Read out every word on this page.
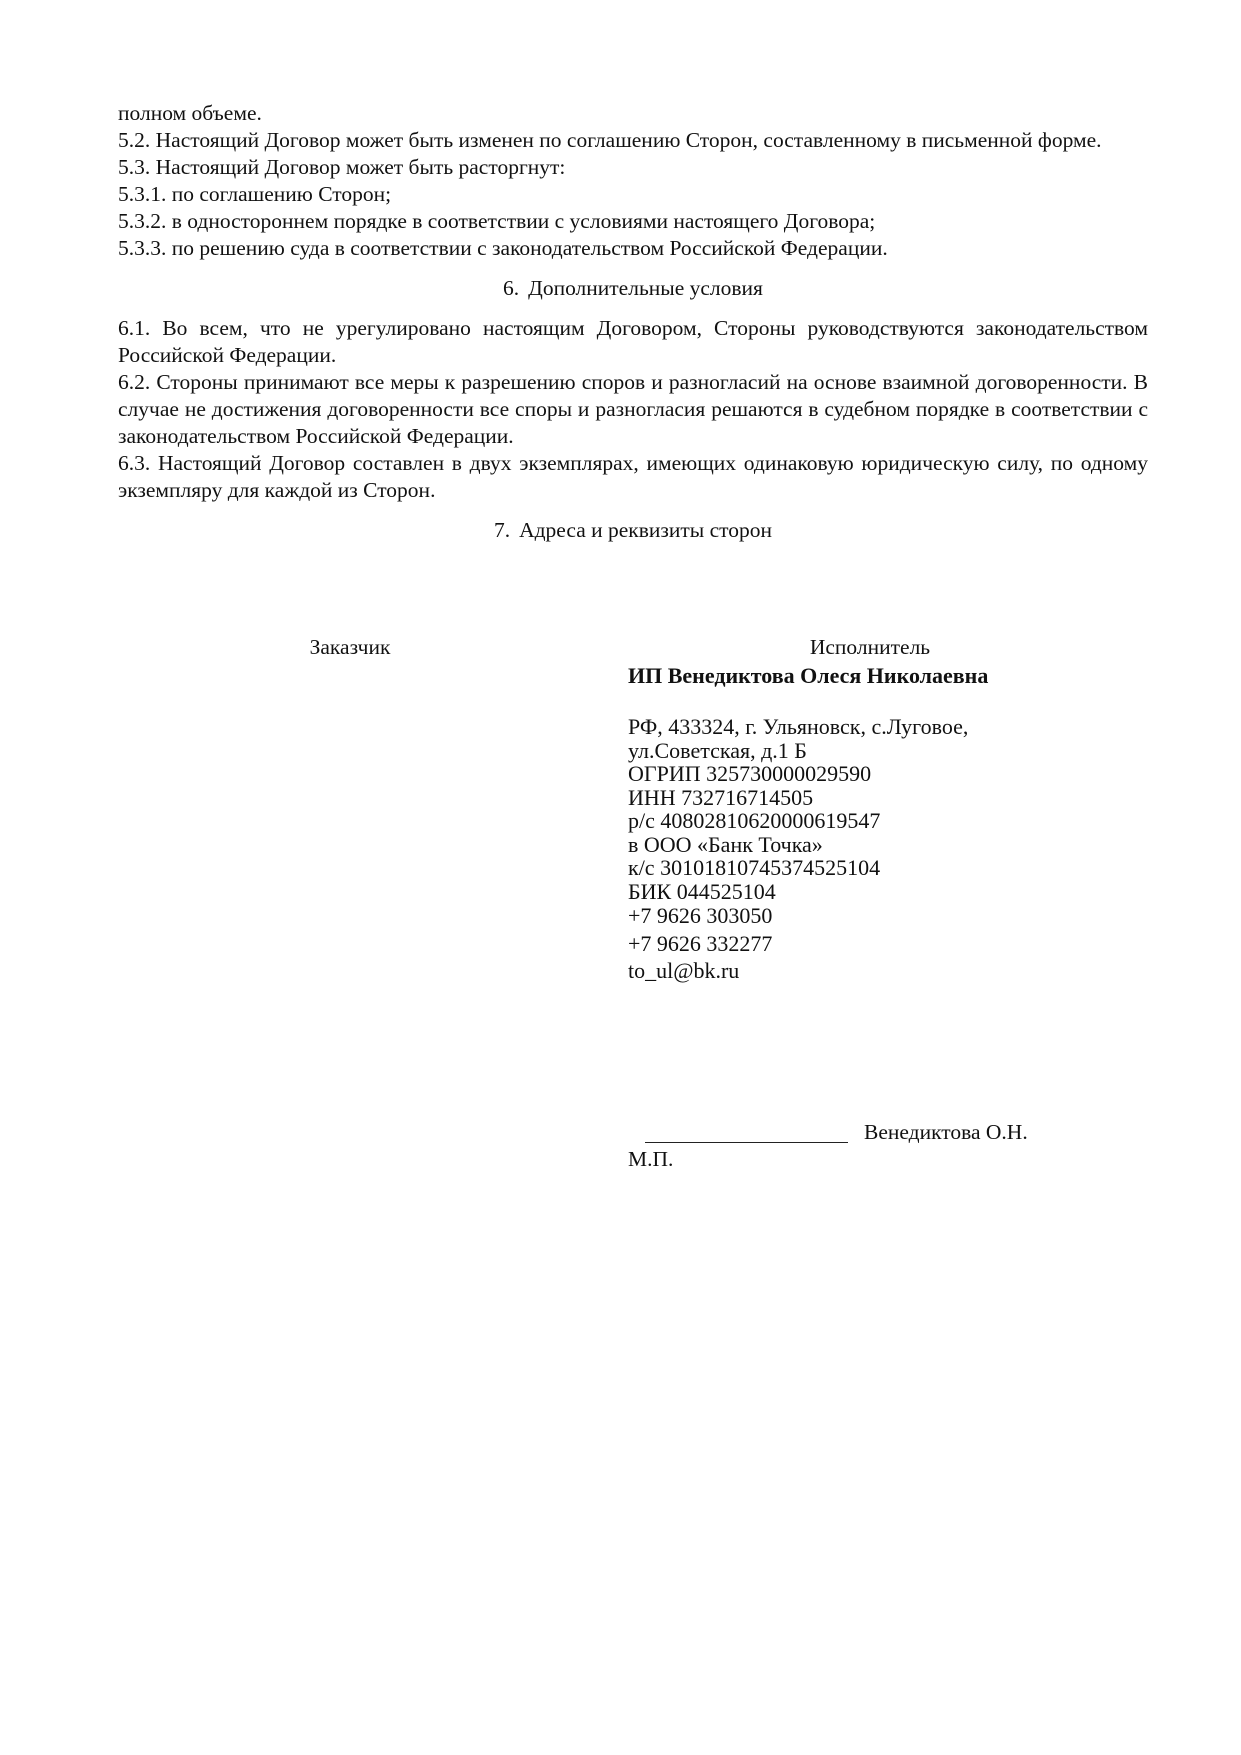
полном объеме.

5.2. Настоящий Договор может быть изменен по соглашению Сторон, составленному в письменной форме.

5.3. Настоящий Договор может быть расторгнут:

5.3.1. по соглашению Сторон;

5.3.2. в одностороннем порядке в соответствии с условиями настоящего Договора;

5.3.3. по решению суда в соответствии с законодательством Российской Федерации.

6. Дополнительные условия

6.1. Во всем, что не урегулировано настоящим Договором, Стороны руководствуются законодательством Российской Федерации.

6.2. Стороны принимают все меры к разрешению споров и разногласий на основе взаимной договоренности. В случае не достижения договоренности все споры и разногласия решаются в судебном порядке в соответствии с законодательством Российской Федерации.

6.3. Настоящий Договор составлен в двух экземплярах, имеющих одинаковую юридическую силу, по одному экземпляру для каждой из Сторон.

7. Адреса и реквизиты сторон

Заказчик	Исполнитель
ИП Венедиктова Олеся Николаевна
РФ, 433324, г. Ульяновск, с.Луговое,
ул.Советская, д.1 Б
ОГРИП 325730000029590
ИНН 732716714505
р/с 40802810620000619547
в ООО «Банк Точка»
к/с 30101810745374525104
БИК 044525104
+7 9626 303050
+7 9626 332277
to_ul@bk.ru
Венедиктова О.Н.
М.П.
